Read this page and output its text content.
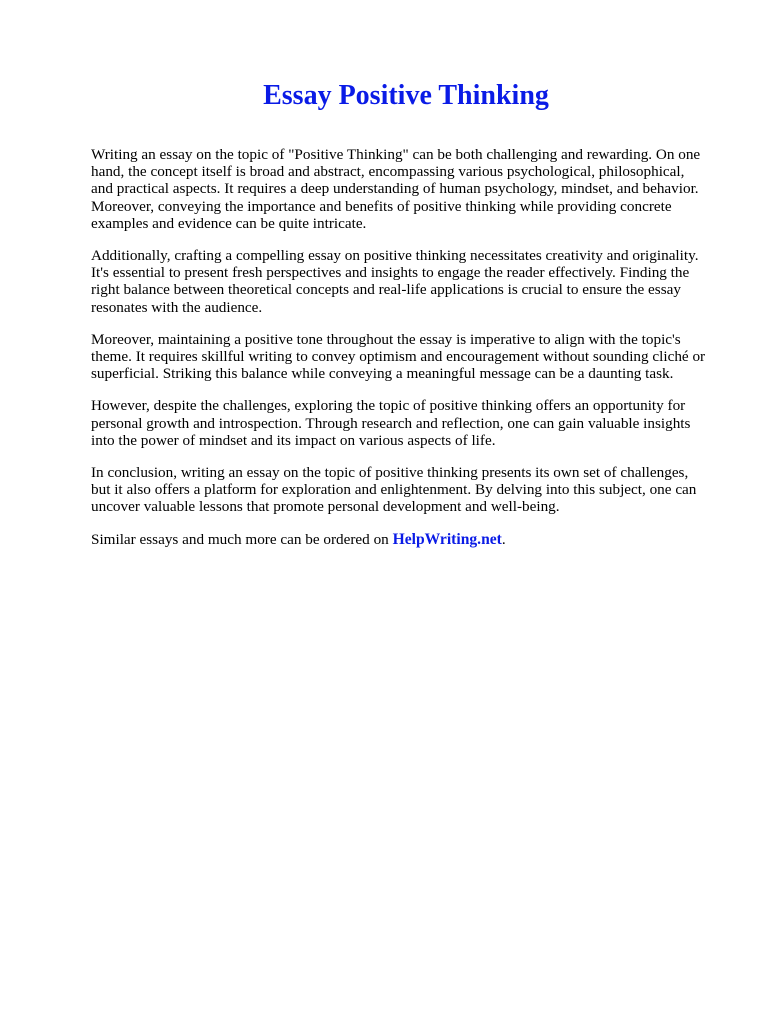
Essay Positive Thinking

Writing an essay on the topic of "Positive Thinking" can be both challenging and rewarding. On one
hand, the concept itself is broad and abstract, encompassing various psychological, philosophical,
and practical aspects. It requires a deep understanding of human psychology, mindset, and behavior.
Moreover, conveying the importance and benefits of positive thinking while providing concrete
examples and evidence can be quite intricate.

Additionally, crafting a compelling essay on positive thinking necessitates creativity and originality.
It's essential to present fresh perspectives and insights to engage the reader effectively. Finding the
right balance between theoretical concepts and real-life applications is crucial to ensure the essay
resonates with the audience.

Moreover, maintaining a positive tone throughout the essay is imperative to align with the topic's
theme. It requires skillful writing to convey optimism and encouragement without sounding cliché or
superficial. Striking this balance while conveying a meaningful message can be a daunting task.

However, despite the challenges, exploring the topic of positive thinking offers an opportunity for
personal growth and introspection. Through research and reflection, one can gain valuable insights
into the power of mindset and its impact on various aspects of life.

In conclusion, writing an essay on the topic of positive thinking presents its own set of challenges,
but it also offers a platform for exploration and enlightenment. By delving into this subject, one can
uncover valuable lessons that promote personal development and well-being.

Similar essays and much more can be ordered on HelpWriting.net.
